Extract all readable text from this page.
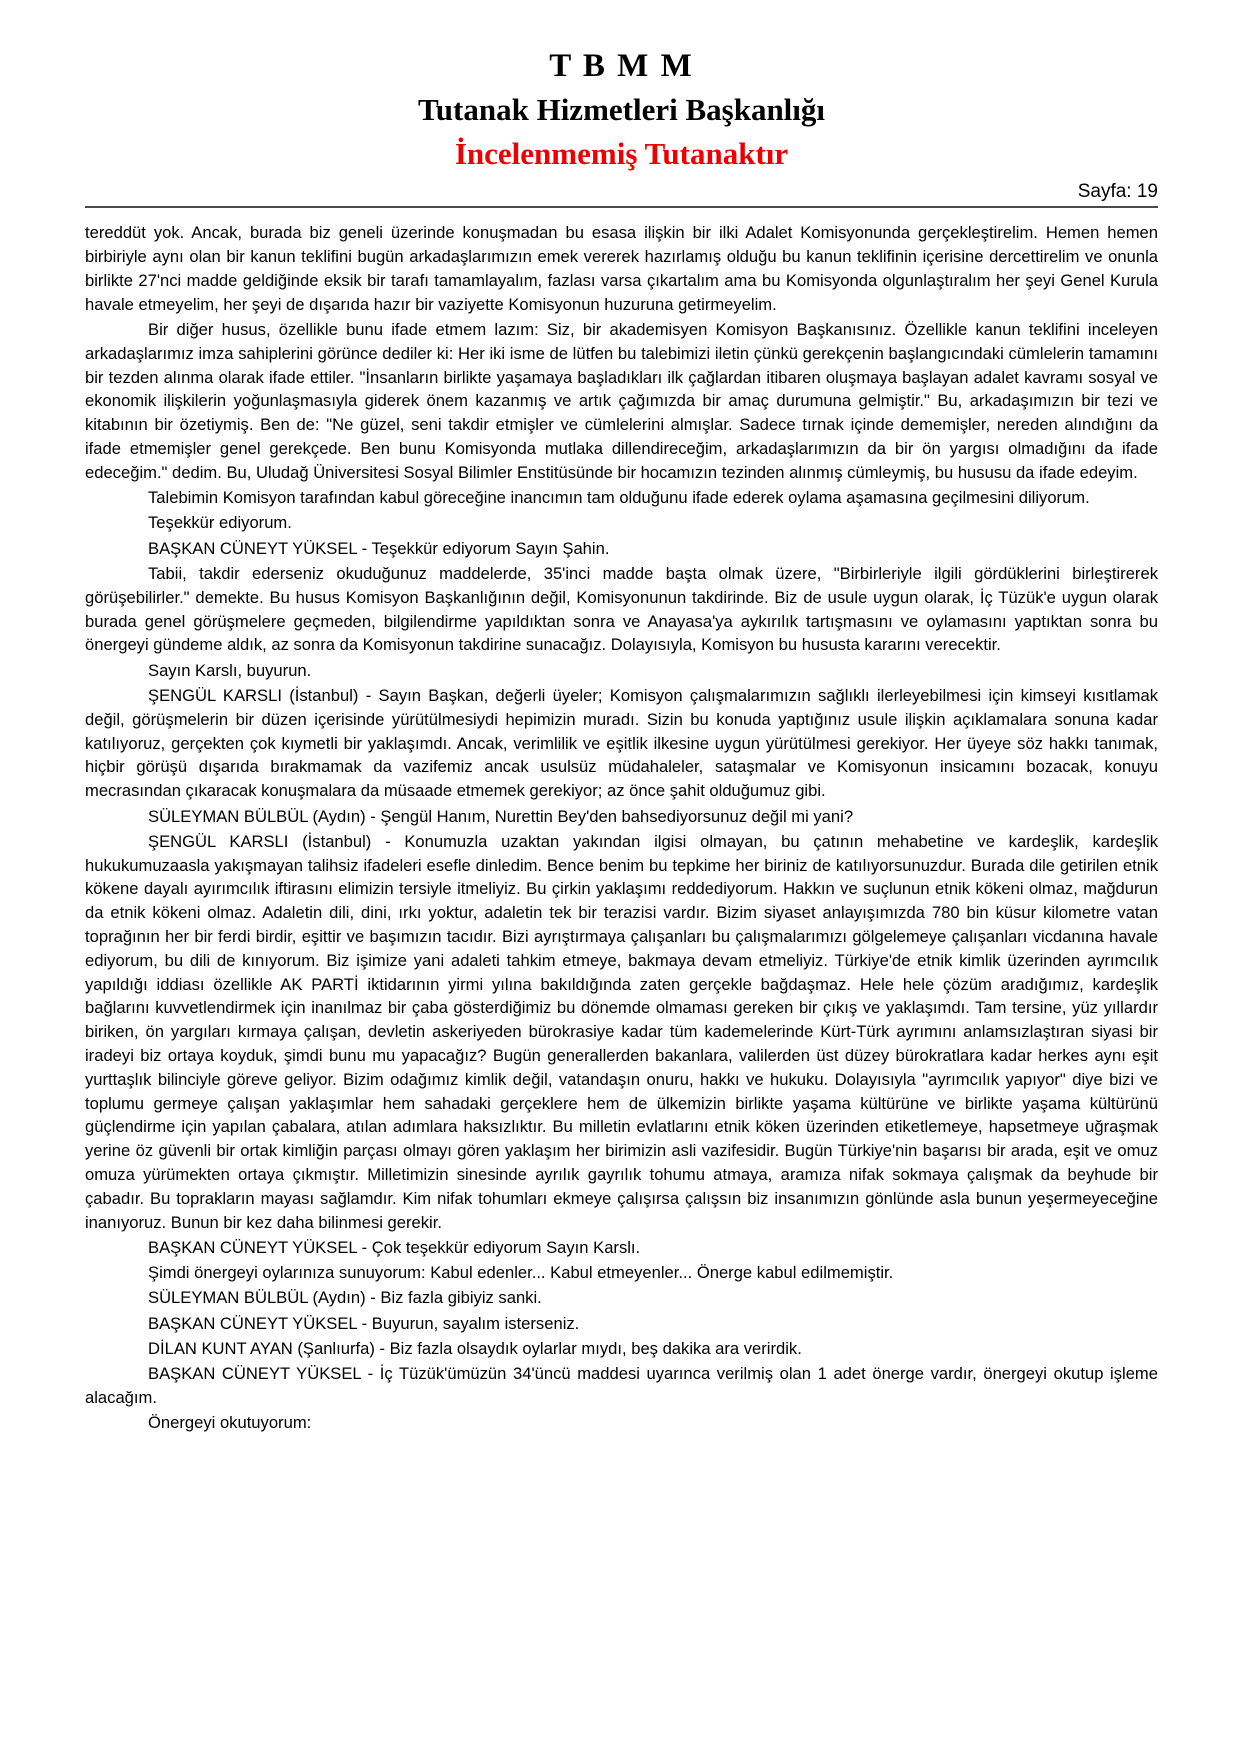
T B M M
Tutanak Hizmetleri Başkanlığı
İncelenmemiş Tutanaktır
Sayfa: 19

tereddüt yok. Ancak, burada biz geneli üzerinde konuşmadan bu esasa ilişkin bir ilki Adalet Komisyonunda gerçekleştirelim. Hemen hemen birbiriyle aynı olan bir kanun teklifini bugün arkadaşlarımızın emek vererek hazırlamış olduğu bu kanun teklifinin içerisine dercettirelim ve onunla birlikte 27'nci madde geldiğinde eksik bir tarafı tamamlayalım, fazlası varsa çıkartalım ama bu Komisyonda olgunlaştıralım her şeyi Genel Kurula havale etmeyelim, her şeyi de dışarıda hazır bir vaziyette Komisyonun huzuruna getirmeyelim.

Bir diğer husus, özellikle bunu ifade etmem lazım: Siz, bir akademisyen Komisyon Başkanısınız. Özellikle kanun teklifini inceleyen arkadaşlarımız imza sahiplerini görünce dediler ki: Her iki isme de lütfen bu talebimizi iletin çünkü gerekçenin başlangıcındaki cümlelerin tamamını bir tezden alınma olarak ifade ettiler. "İnsanların birlikte yaşamaya başladıkları ilk çağlardan itibaren oluşmaya başlayan adalet kavramı sosyal ve ekonomik ilişkilerin yoğunlaşmasıyla giderek önem kazanmış ve artık çağımızda bir amaç durumuna gelmiştir." Bu, arkadaşımızın bir tezi ve kitabının bir özetiymiş. Ben de: "Ne güzel, seni takdir etmişler ve cümlelerini almışlar. Sadece tırnak içinde dememişler, nereden alındığını da ifade etmemişler genel gerekçede. Ben bunu Komisyonda mutlaka dillendireceğim, arkadaşlarımızın da bir ön yargısı olmadığını da ifade edeceğim." dedim. Bu, Uludağ Üniversitesi Sosyal Bilimler Enstitüsünde bir hocamızın tezinden alınmış cümleymiş, bu hususu da ifade edeyim.

Talebimin Komisyon tarafından kabul göreceğine inancımın tam olduğunu ifade ederek oylama aşamasına geçilmesini diliyorum.

Teşekkür ediyorum.

BAŞKAN CÜNEYT YÜKSEL - Teşekkür ediyorum Sayın Şahin.

Tabii, takdir ederseniz okuduğunuz maddelerde, 35'inci madde başta olmak üzere, "Birbirleriyle ilgili gördüklerini birleştirerek görüşebilirler." demekte. Bu husus Komisyon Başkanlığının değil, Komisyonunun takdirinde. Biz de usule uygun olarak, İç Tüzük'e uygun olarak burada genel görüşmelere geçmeden, bilgilendirme yapıldıktan sonra ve Anayasa'ya aykırılık tartışmasını ve oylamasını yaptıktan sonra bu önergeyi gündeme aldık, az sonra da Komisyonun takdirine sunacağız. Dolayısıyla, Komisyon bu hususta kararını verecektir.

Sayın Karslı, buyurun.

ŞENGÜL KARSLI (İstanbul) - Sayın Başkan, değerli üyeler; Komisyon çalışmalarımızın sağlıklı ilerleyebilmesi için kimseyi kısıtlamak değil, görüşmelerin bir düzen içerisinde yürütülmesiydi hepimizin muradı. Sizin bu konuda yaptığınız usule ilişkin açıklamalara sonuna kadar katılıyoruz, gerçekten çok kıymetli bir yaklaşımdı. Ancak, verimlilik ve eşitlik ilkesine uygun yürütülmesi gerekiyor. Her üyeye söz hakkı tanımak, hiçbir görüşü dışarıda bırakmamak da vazifemiz ancak usulsüz müdahaleler, sataşmalar ve Komisyonun insicamını bozacak, konuyu mecrasından çıkaracak konuşmalara da müsaade etmemek gerekiyor; az önce şahit olduğumuz gibi.

SÜLEYMAN BÜLBÜL (Aydın) - Şengül Hanım, Nurettin Bey'den bahsediyorsunuz değil mi yani?

ŞENGÜL KARSLI (İstanbul) - Konumuzla uzaktan yakından ilgisi olmayan, bu çatının mehabetine ve kardeşlik, kardeşlik hukukumuzaasla yakışmayan talihsiz ifadeleri esefle dinledim. Bence benim bu tepkime her biriniz de katılıyorsunuzdur. Burada dile getirilen etnik kökene dayalı ayırımcılık iftirasını elimizin tersiyle itmeliyiz. Bu çirkin yaklaşımı reddediyorum. Hakkın ve suçlunun etnik kökeni olmaz, mağdurun da etnik kökeni olmaz. Adaletin dili, dini, ırkı yoktur, adaletin tek bir terazisi vardır. Bizim siyaset anlayışımızda 780 bin küsur kilometre vatan toprağının her bir ferdi birdir, eşittir ve başımızın tacıdır. Bizi ayrıştırmaya çalışanları bu çalışmalarımızı gölgelemeye çalışanları vicdanına havale ediyorum, bu dili de kınıyorum. Biz işimize yani adaleti tahkim etmeye, bakmaya devam etmeliyiz. Türkiye'de etnik kimlik üzerinden ayrımcılık yapıldığı iddiası özellikle AK PARTİ iktidarının yirmi yılına bakıldığında zaten gerçekle bağdaşmaz. Hele hele çözüm aradığımız, kardeşlik bağlarını kuvvetlendirmek için inanılmaz bir çaba gösterdiğimiz bu dönemde olmaması gereken bir çıkış ve yaklaşımdı. Tam tersine, yüz yıllardır biriken, ön yargıları kırmaya çalışan, devletin askeriyeden bürokrasiye kadar tüm kademelerinde Kürt-Türk ayrımını anlamsızlaştıran siyasi bir iradeyi biz ortaya koyduk, şimdi bunu mu yapacağız? Bugün generallerden bakanlara, valilerden üst düzey bürokratlara kadar herkes aynı eşit yurttaşlık bilinciyle göreve geliyor. Bizim odağımız kimlik değil, vatandaşın onuru, hakkı ve hukuku. Dolayısıyla "ayrımcılık yapıyor" diye bizi ve toplumu germeye çalışan yaklaşımlar hem sahadaki gerçeklere hem de ülkemizin birlikte yaşama kültürüne ve birlikte yaşama kültürünü güçlendirme için yapılan çabalara, atılan adımlara haksızlıktır. Bu milletin evlatlarını etnik köken üzerinden etiketlemeye, hapsetmeye uğraşmak yerine öz güvenli bir ortak kimliğin parçası olmayı gören yaklaşım her birimizin asli vazifesidir. Bugün Türkiye'nin başarısı bir arada, eşit ve omuz omuza yürümekten ortaya çıkmıştır. Milletimizin sinesinde ayrılık gayrılık tohumu atmaya, aramıza nifak sokmaya çalışmak da beyhude bir çabadır. Bu toprakların mayası sağlamdır. Kim nifak tohumları ekmeye çalışırsa çalışsın biz insanımızın gönlünde asla bunun yeşermeyeceğine inanıyoruz. Bunun bir kez daha bilinmesi gerekir.

BAŞKAN CÜNEYT YÜKSEL - Çok teşekkür ediyorum Sayın Karslı.

Şimdi önergeyi oylarınıza sunuyorum: Kabul edenler... Kabul etmeyenler... Önerge kabul edilmemiştir.

SÜLEYMAN BÜLBÜL (Aydın) - Biz fazla gibiyiz sanki.

BAŞKAN CÜNEYT YÜKSEL - Buyurun, sayalım isterseniz.

DİLAN KUNT AYAN (Şanlıurfa) - Biz fazla olsaydık oylarlar mıydı, beş dakika ara verirdik.

BAŞKAN CÜNEYT YÜKSEL - İç Tüzük'ümüzün 34'üncü maddesi uyarınca verilmiş olan 1 adet önerge vardır, önergeyi okutup işleme alacağım.

Önergeyi okutuyorum:
